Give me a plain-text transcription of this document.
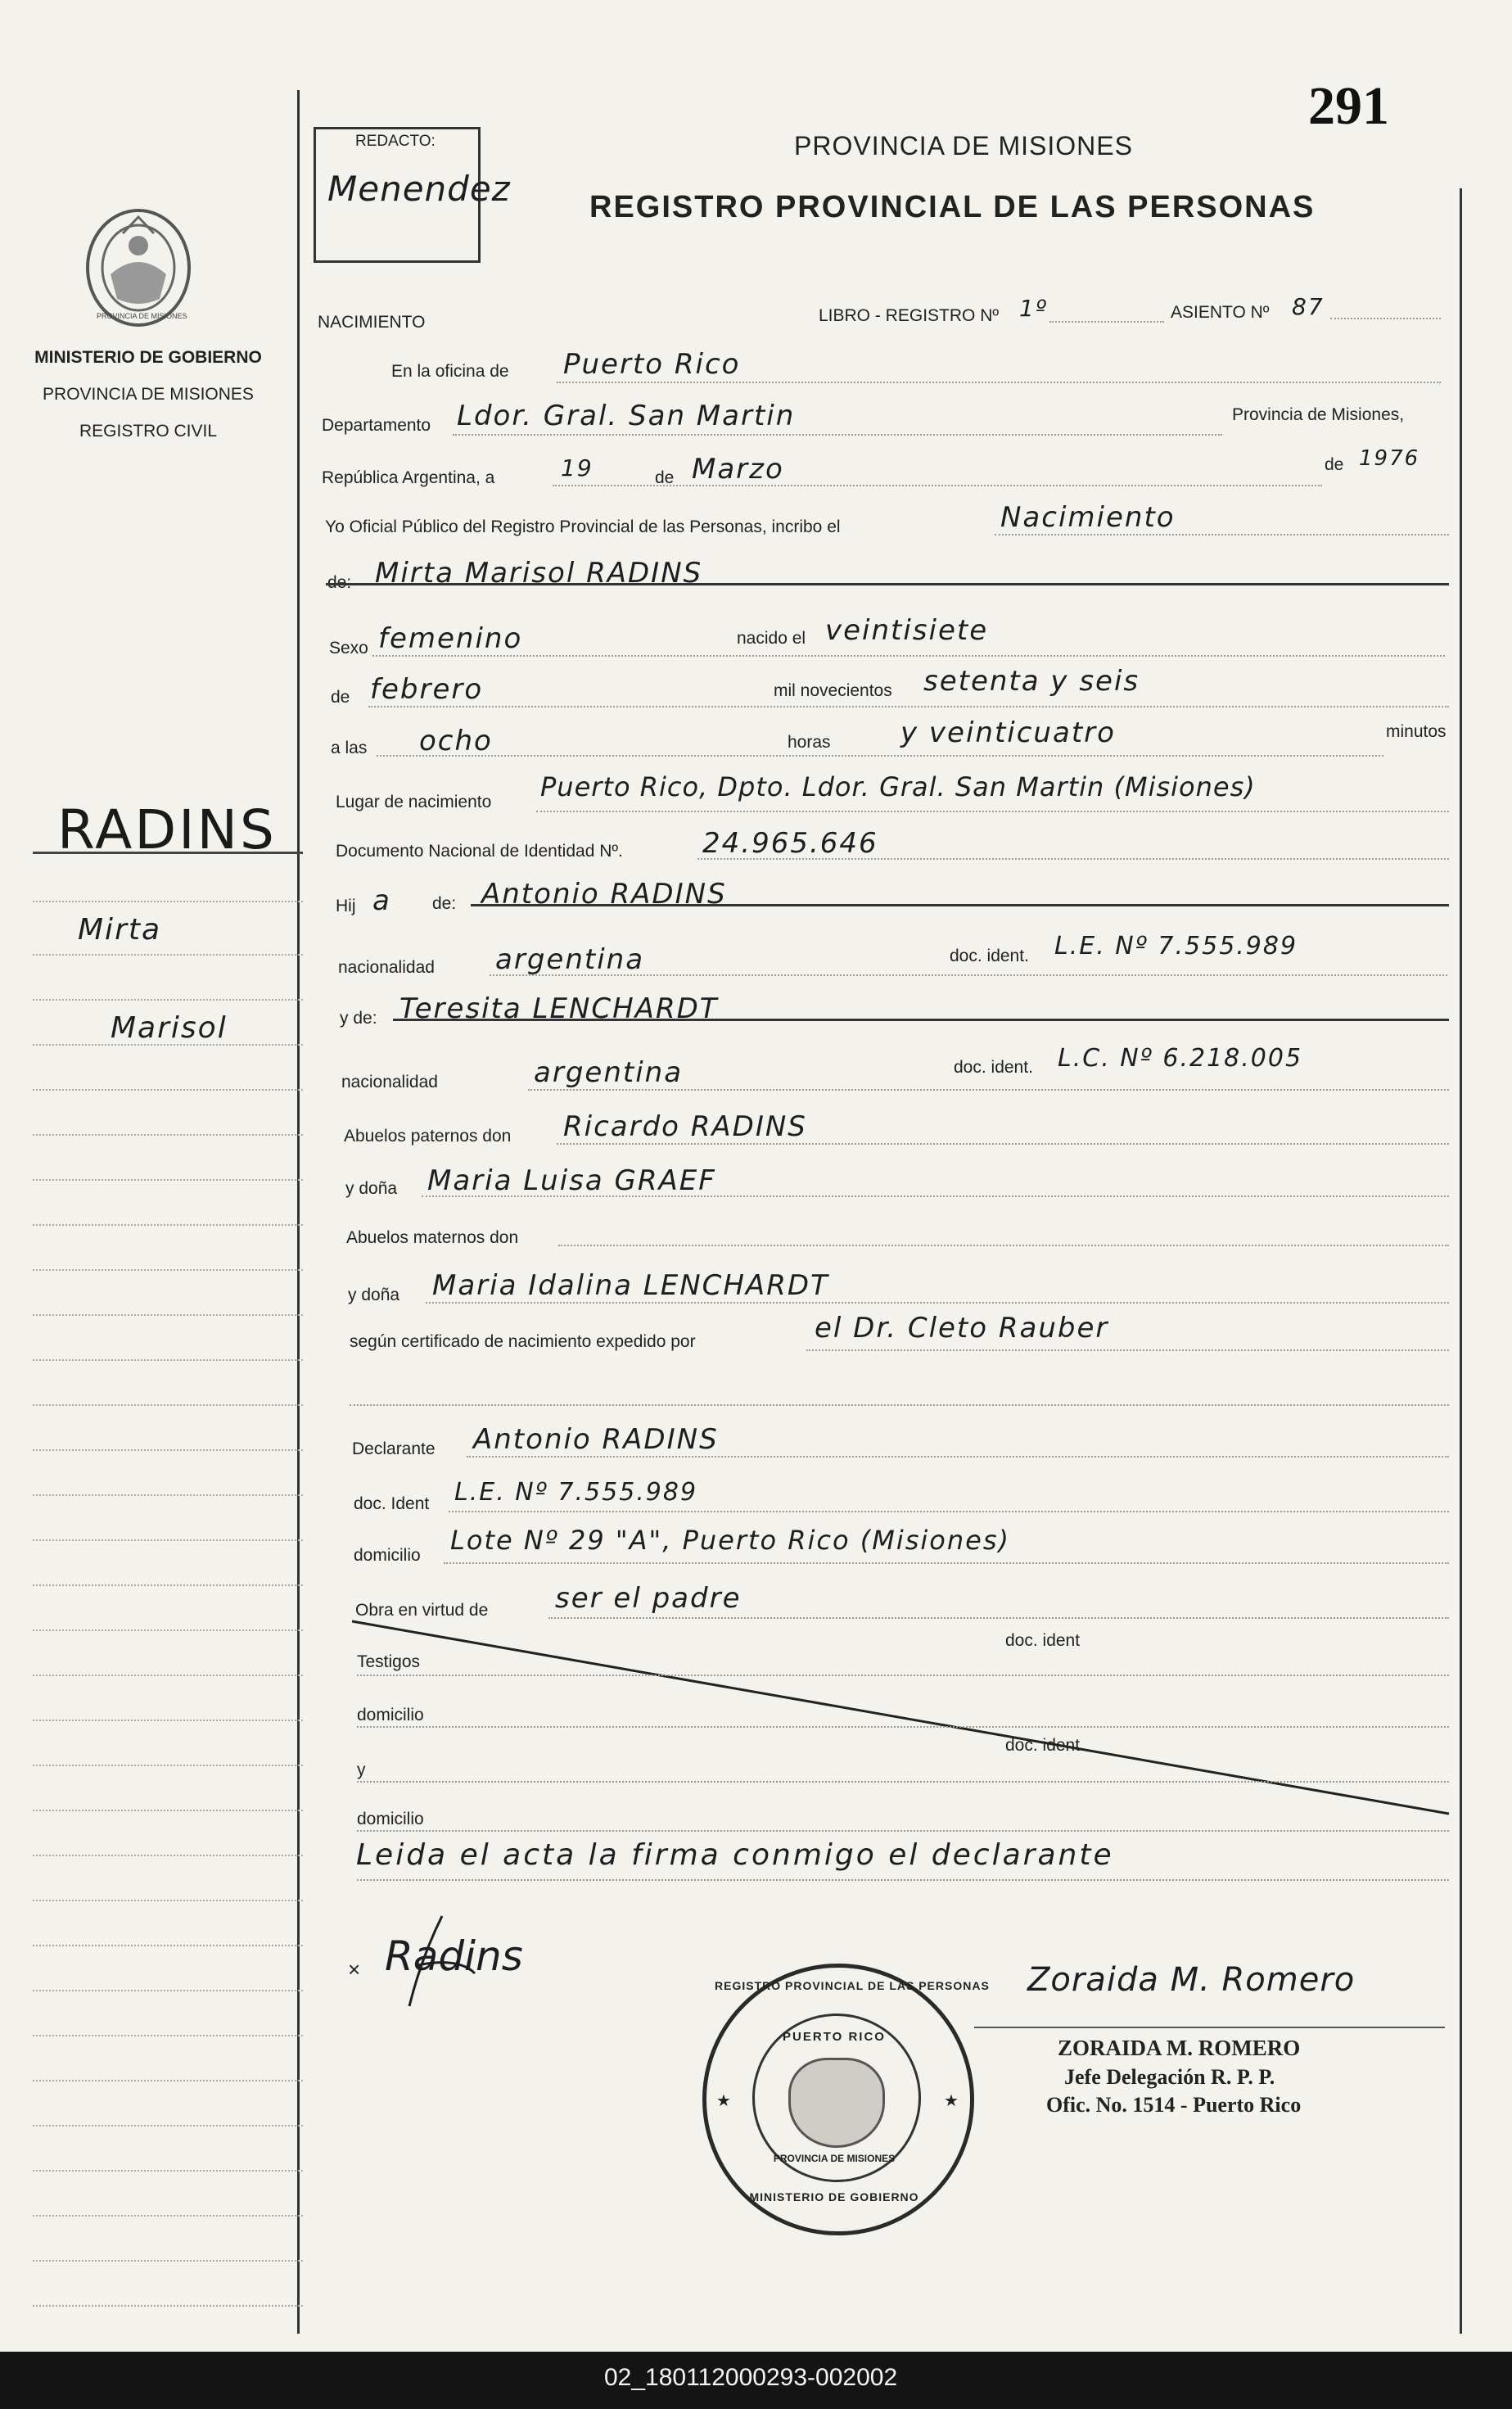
291
REDACTO:
Menendez
PROVINCIA DE MISIONES
REGISTRO PROVINCIAL DE LAS PERSONAS
PROVINCIA DE MISIONES
MINISTERIO DE GOBIERNO
PROVINCIA DE MISIONES
REGISTRO CIVIL
RADINS
Mirta
Marisol
NACIMIENTO	LIBRO - REGISTRO Nº 1º	ASIENTO Nº 87
En la oficina de Puerto Rico
Departamento Ldor. Gral. San Martin	Provincia de Misiones,
República Argentina, a	19	de Marzo	de 1976
Yo Oficial Público del Registro Provincial de las Personas, incribo el	Nacimiento
de: Mirta Marisol RADINS
Sexo femenino	nacido el veintisiete
de febrero	mil novecientos setenta y seis
a las ocho	horas	y veinticuatro	minutos
Lugar de nacimiento Puerto Rico, Dpto. Ldor. Gral. San Martin (Misiones)
Documento Nacional de Identidad Nº.	24.965.646
Hij a de: Antonio RADINS
nacionalidad argentina	doc. ident. L.E. Nº 7.555.989
y de: Teresita LENCHARDT
nacionalidad	argentina	doc. ident. L.C. Nº 6.218.005
Abuelos paternos don Ricardo RADINS
y doña Maria Luisa GRAEF
Abuelos maternos don
y doña Maria Idalina LENCHARDT
según certificado de nacimiento expedido por	el Dr. Cleto Rauber
Declarante Antonio RADINS
doc. Ident L.E. Nº 7.555.989
domicilio Lote Nº 29 "A", Puerto Rico (Misiones)
Obra en virtud de ser el padre
Testigos
doc. ident
domicilio
y
doc. ident
domicilio
Leida el acta la firma conmigo el declarante
× Radins
REGISTRO PROVINCIAL DE LAS PERSONAS
PUERTO RICO
PROVINCIA DE MISIONES
MINISTERIO DE GOBIERNO
★	★
Zoraida M. Romero
ZORAIDA M. ROMERO
Jefe Delegación R. P. P.
Ofic. No. 1514 - Puerto Rico
02_180112000293-002002
